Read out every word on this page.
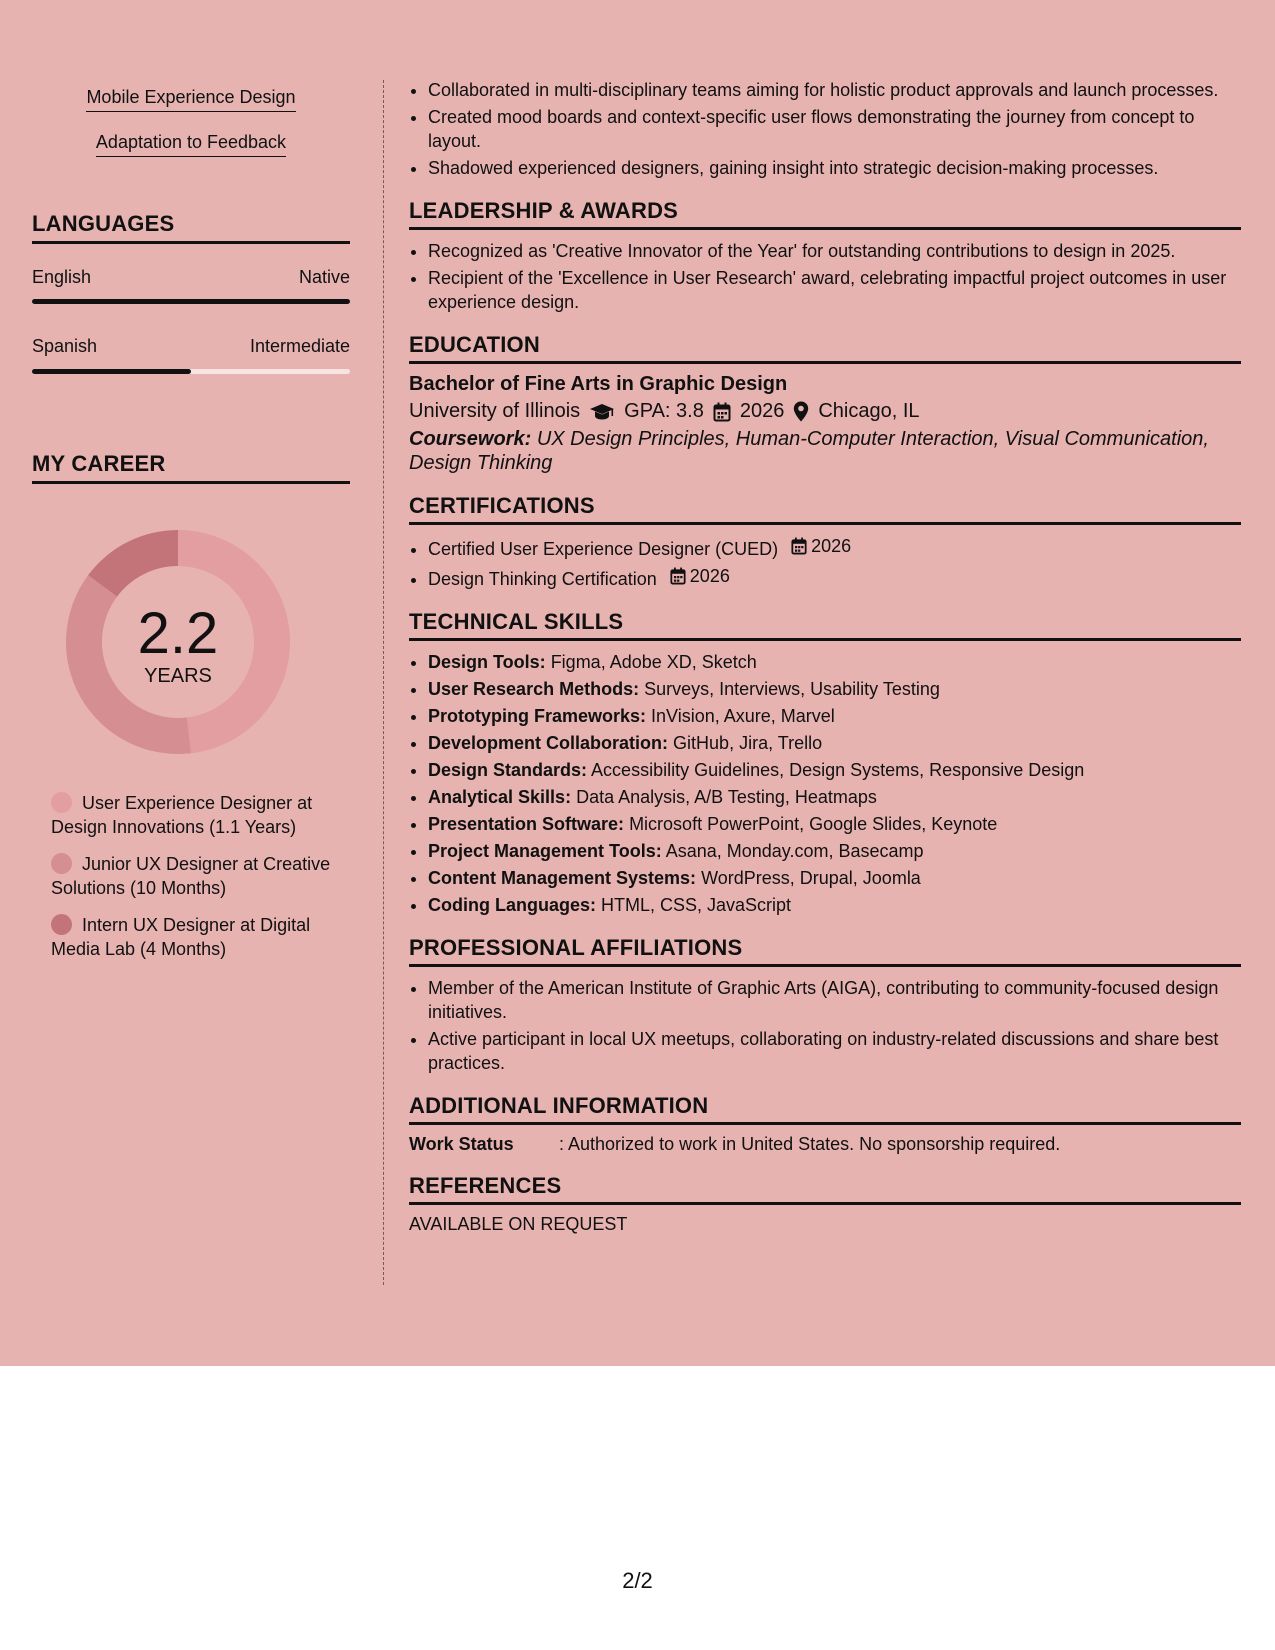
Mobile Experience Design
Adaptation to Feedback
LANGUAGES
English	Native
Spanish	Intermediate
MY CAREER
2.2
YEARS
User Experience Designer at Design Innovations (1.1 Years)
Junior UX Designer at Creative Solutions (10 Months)
Intern UX Designer at Digital Media Lab (4 Months)
• Collaborated in multi-disciplinary teams aiming for holistic product approvals and launch processes.
• Created mood boards and context-specific user flows demonstrating the journey from concept to layout.
• Shadowed experienced designers, gaining insight into strategic decision-making processes.
LEADERSHIP & AWARDS
• Recognized as 'Creative Innovator of the Year' for outstanding contributions to design in 2025.
• Recipient of the 'Excellence in User Research' award, celebrating impactful project outcomes in user experience design.
EDUCATION
Bachelor of Fine Arts in Graphic Design
University of Illinois GPA: 3.8 2026 Chicago, IL
Coursework: UX Design Principles, Human-Computer Interaction, Visual Communication, Design Thinking
CERTIFICATIONS
• Certified User Experience Designer (CUED) 2026
• Design Thinking Certification 2026
TECHNICAL SKILLS
• Design Tools: Figma, Adobe XD, Sketch
• User Research Methods: Surveys, Interviews, Usability Testing
• Prototyping Frameworks: InVision, Axure, Marvel
• Development Collaboration: GitHub, Jira, Trello
• Design Standards: Accessibility Guidelines, Design Systems, Responsive Design
• Analytical Skills: Data Analysis, A/B Testing, Heatmaps
• Presentation Software: Microsoft PowerPoint, Google Slides, Keynote
• Project Management Tools: Asana, Monday.com, Basecamp
• Content Management Systems: WordPress, Drupal, Joomla
• Coding Languages: HTML, CSS, JavaScript
PROFESSIONAL AFFILIATIONS
• Member of the American Institute of Graphic Arts (AIGA), contributing to community-focused design initiatives.
• Active participant in local UX meetups, collaborating on industry-related discussions and share best practices.
ADDITIONAL INFORMATION
Work Status	: Authorized to work in United States. No sponsorship required.
REFERENCES
AVAILABLE ON REQUEST
2/2
